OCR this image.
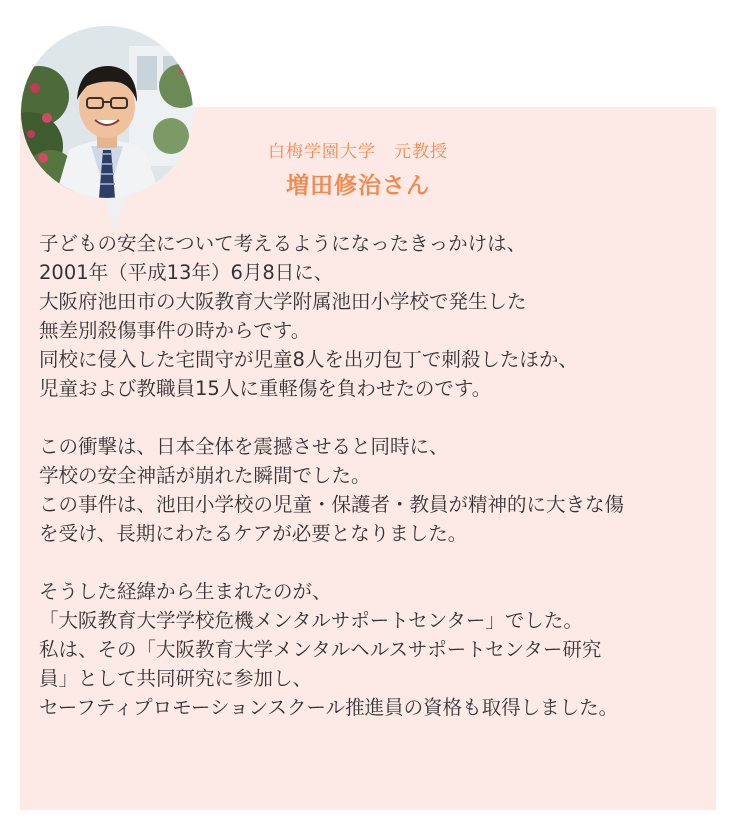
白梅学園大学　元教授
増田修治さん
子どもの安全について考えるようになったきっかけは、
2001年（平成13年）6月8日に、
大阪府池田市の大阪教育大学附属池田小学校で発生した
無差別殺傷事件の時からです。
同校に侵入した宅間守が児童8人を出刃包丁で刺殺したほか、
児童および教職員15人に重軽傷を負わせたのです。
この衝撃は、日本全体を震撼させると同時に、
学校の安全神話が崩れた瞬間でした。
この事件は、池田小学校の児童・保護者・教員が精神的に大きな傷
を受け、長期にわたるケアが必要となりました。
そうした経緯から生まれたのが、
「大阪教育大学学校危機メンタルサポートセンター」でした。
私は、その「大阪教育大学メンタルヘルスサポートセンター研究
員」として共同研究に参加し、
セーフティプロモーションスクール推進員の資格も取得しました。
